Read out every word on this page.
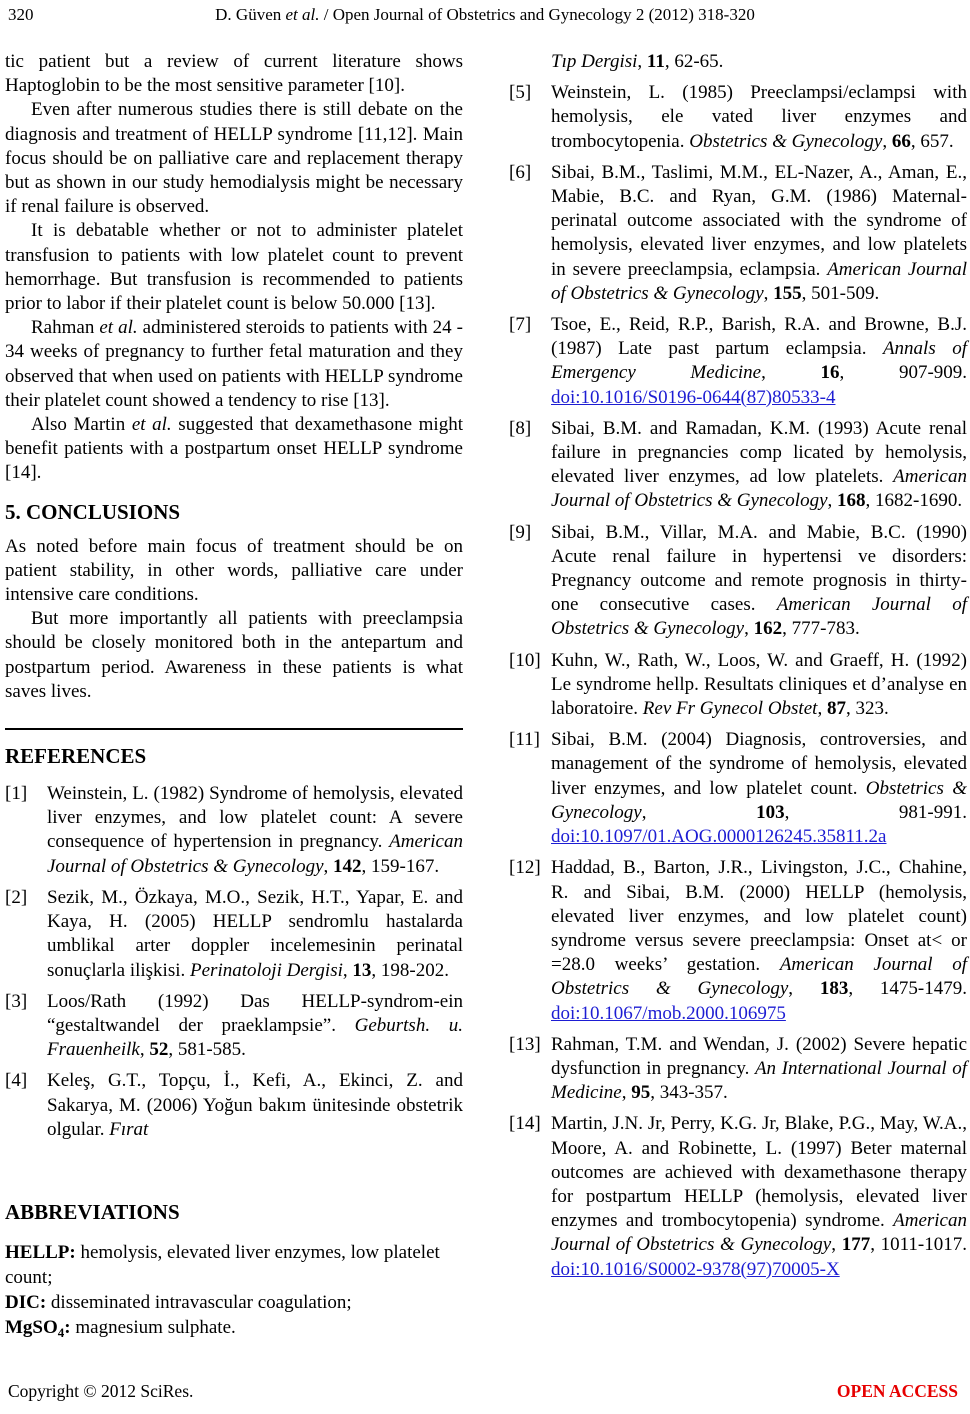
320	D. Güven et al. / Open Journal of Obstetrics and Gynecology 2 (2012) 318-320

tic patient but a review of current literature shows Haptoglobin to be the most sensitive parameter [10].

Even after numerous studies there is still debate on the diagnosis and treatment of HELLP syndrome [11,12]. Main focus should be on palliative care and replacement therapy but as shown in our study hemodialysis might be necessary if renal failure is observed.

It is debatable whether or not to administer platelet transfusion to patients with low platelet count to prevent hemorrhage. But transfusion is recommended to patients prior to labor if their platelet count is below 50.000 [13].

Rahman et al. administered steroids to patients with 24 - 34 weeks of pregnancy to further fetal maturation and they observed that when used on patients with HELLP syndrome their platelet count showed a tendency to rise [13].

Also Martin et al. suggested that dexamethasone might benefit patients with a postpartum onset HELLP syndrome [14].

5. CONCLUSIONS

As noted before main focus of treatment should be on patient stability, in other words, palliative care under intensive care conditions.

But more importantly all patients with preeclampsia should be closely monitored both in the antepartum and postpartum period. Awareness in these patients is what saves lives.

REFERENCES
[1]	Weinstein, L. (1982) Syndrome of hemolysis, elevated liver enzymes, and low platelet count: A severe consequence of hypertension in pregnancy. American Journal of Obstetrics & Gynecology, 142, 159-167.
[2]	Sezik, M., Özkaya, M.O., Sezik, H.T., Yapar, E. and Kaya, H. (2005) HELLP sendromlu hastalarda umblikal arter doppler incelemesinin perinatal sonuçlarla ilişkisi. Perinatoloji Dergisi, 13, 198-202.
[3]	Loos/Rath (1992) Das HELLP-syndrom-ein “gestaltwandel der praeklampsie”. Geburtsh. u. Frauenheilk, 52, 581-585.
[4]	Keleş, G.T., Topçu, İ., Kefi, A., Ekinci, Z. and Sakarya, M. (2006) Yoğun bakım ünitesinde obstetrik olgular. Fırat
Tıp Dergisi, 11, 62-65.
[5]	Weinstein, L. (1985) Preeclampsi/eclampsi with hemolysis, ele vated liver enzymes and trombocytopenia. Obstetrics & Gynecology, 66, 657.
[6]	Sibai, B.M., Taslimi, M.M., EL-Nazer, A., Aman, E., Mabie, B.C. and Ryan, G.M. (1986) Maternal-perinatal outcome associated with the syndrome of hemolysis, elevated liver enzymes, and low platelets in severe preeclampsia, eclampsia. American Journal of Obstetrics & Gynecology, 155, 501-509.
[7]	Tsoe, E., Reid, R.P., Barish, R.A. and Browne, B.J. (1987) Late past partum eclampsia. Annals of Emergency Medicine, 16, 907-909. doi:10.1016/S0196-0644(87)80533-4
[8]	Sibai, B.M. and Ramadan, K.M. (1993) Acute renal failure in pregnancies comp licated by hemolysis, elevated liver enzymes, ad low platelets. American Journal of Obstetrics & Gynecology, 168, 1682-1690.
[9]	Sibai, B.M., Villar, M.A. and Mabie, B.C. (1990) Acute renal failure in hypertensi ve disorders: Pregnancy outcome and remote prognosis in thirty-one consecutive cases. American Journal of Obstetrics & Gynecology, 162, 777-783.
[10] Kuhn, W., Rath, W., Loos, W. and Graeff, H. (1992) Le syndrome hellp. Resultats cliniques et d’analyse en laboratoire. Rev Fr Gynecol Obstet, 87, 323.
[11] Sibai, B.M. (2004) Diagnosis, controversies, and management of the syndrome of hemolysis, elevated liver enzymes, and low platelet count. Obstetrics & Gynecology, 103, 981-991. doi:10.1097/01.AOG.0000126245.35811.2a
[12] Haddad, B., Barton, J.R., Livingston, J.C., Chahine, R. and Sibai, B.M. (2000) HELLP (hemolysis, elevated liver enzymes, and low platelet count) syndrome versus severe preeclampsia: Onset at< or =28.0 weeks’ gestation. American Journal of Obstetrics & Gynecology, 183, 1475-1479. doi:10.1067/mob.2000.106975
[13] Rahman, T.M. and Wendan, J. (2002) Severe hepatic dysfunction in pregnancy. An International Journal of Medicine, 95, 343-357.
[14] Martin, J.N. Jr, Perry, K.G. Jr, Blake, P.G., May, W.A., Moore, A. and Robinette, L. (1997) Beter maternal outcomes are achieved with dexamethasone therapy for postpartum HELLP (hemolysis, elevated liver enzymes and trombocytopenia) syndrome. American Journal of Obstetrics & Gynecology, 177, 1011-1017. doi:10.1016/S0002-9378(97)70005-X
ABBREVIATIONS

HELLP: hemolysis, elevated liver enzymes, low platelet count;

DIC: disseminated intravascular coagulation;

MgSO$_4$: magnesium sulphate.

Copyright © 2012 SciRes.	OPEN ACCESS
